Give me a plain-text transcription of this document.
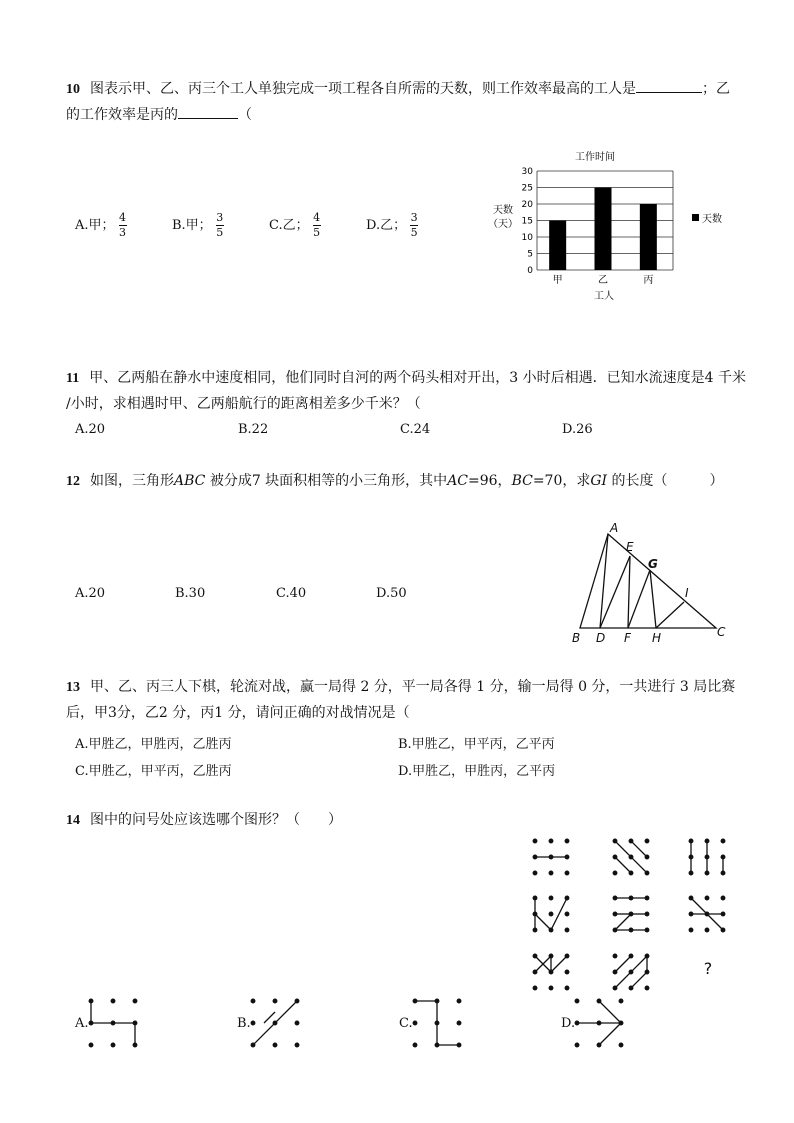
10 图表示甲、乙、丙三个工人单独完成一项工程各自所需的天数，则工作效率最高的工人是	；乙
的工作效率是丙的	（
A.甲； $\frac{4}{3}$	B.甲； $\frac{3}{5}$	C.乙； $\frac{4}{5}$	D.乙； $\frac{3}{5}$
工作时间
0
5
10
15
20
25
30
甲	乙	丙
天数
（天）
工人
天数
11 甲、乙两船在静水中速度相同，他们同时自河的两个码头相对开出，3 小时后相遇．已知水流速度是4 千米
/小时，求相遇时甲、乙两船航行的距离相差多少千米？（
A.20	B.22	C.24	D.26
12 如图，三角形ABC 被分成7 块面积相等的小三角形，其中AC=96，BC=70，求GI 的长度（　　　）
A.20	B.30	C.40	D.50
A
E
G
I
B D F H	C
13 甲、乙、丙三人下棋，轮流对战，赢一局得 2 分，平一局各得 1 分，输一局得 0 分，一共进行 3 局比赛
后，甲3分，乙2 分，丙1 分，请问正确的对战情况是（
A.甲胜乙，甲胜丙，乙胜丙	B.甲胜乙，甲平丙，乙平丙
C.甲胜乙，甲平丙，乙胜丙	D.甲胜乙，甲胜丙，乙平丙
14 图中的问号处应该选哪个图形？（　　）
?
A.	B.	C.	D.
